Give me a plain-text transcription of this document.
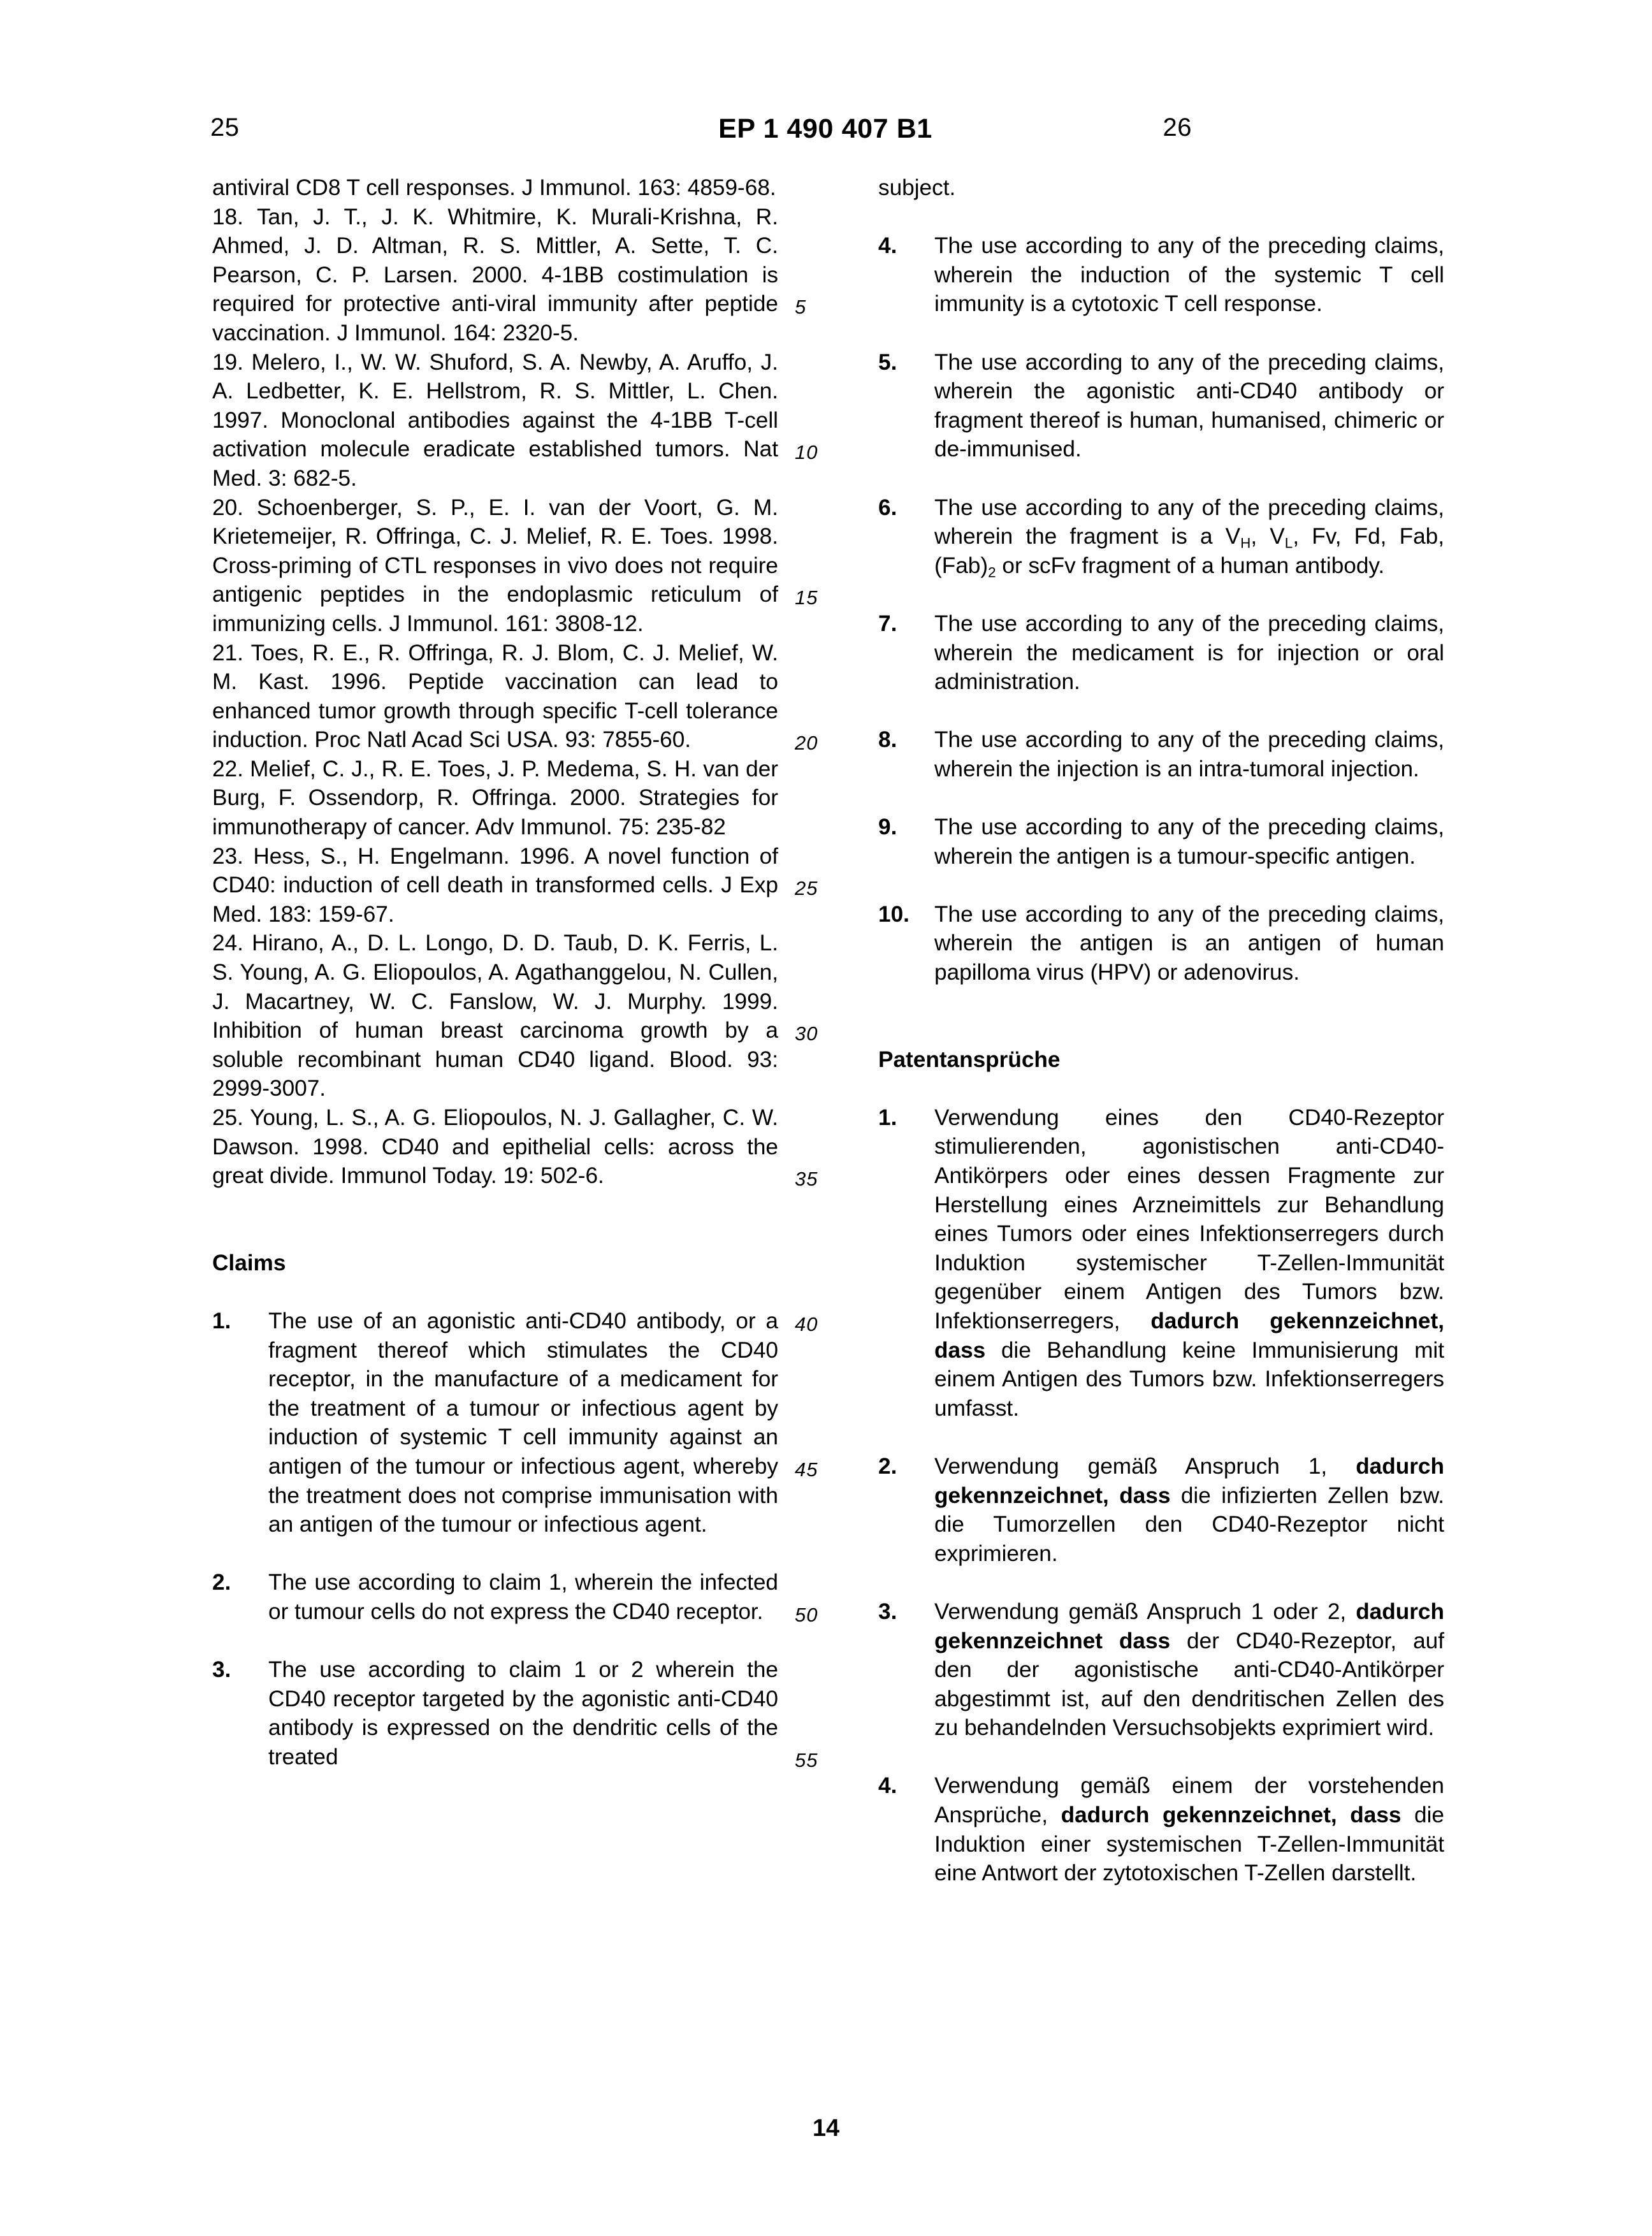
25	EP 1 490 407 B1	26
5
10
15
20
25
30
35
40
45
50
55

antiviral CD8 T cell responses. J Immunol. 163: 4859-68.

18. Tan, J. T., J. K. Whitmire, K. Murali-Krishna, R. Ahmed, J. D. Altman, R. S. Mittler, A. Sette, T. C. Pearson, C. P. Larsen. 2000. 4-1BB costimulation is required for protective anti-viral immunity after peptide vaccination. J Immunol. 164: 2320-5.

19. Melero, I., W. W. Shuford, S. A. Newby, A. Aruffo, J. A. Ledbetter, K. E. Hellstrom, R. S. Mittler, L. Chen. 1997. Monoclonal antibodies against the 4-1BB T-cell activation molecule eradicate established tumors. Nat Med. 3: 682-5.

20. Schoenberger, S. P., E. I. van der Voort, G. M. Krietemeijer, R. Offringa, C. J. Melief, R. E. Toes. 1998. Cross-priming of CTL responses in vivo does not require antigenic peptides in the endoplasmic reticulum of immunizing cells. J Immunol. 161: 3808-12.

21. Toes, R. E., R. Offringa, R. J. Blom, C. J. Melief, W. M. Kast. 1996. Peptide vaccination can lead to enhanced tumor growth through specific T-cell tolerance induction. Proc Natl Acad Sci USA. 93: 7855-60.

22. Melief, C. J., R. E. Toes, J. P. Medema, S. H. van der Burg, F. Ossendorp, R. Offringa. 2000. Strategies for immunotherapy of cancer. Adv Immunol. 75: 235-82

23. Hess, S., H. Engelmann. 1996. A novel function of CD40: induction of cell death in transformed cells. J Exp Med. 183: 159-67.

24. Hirano, A., D. L. Longo, D. D. Taub, D. K. Ferris, L. S. Young, A. G. Eliopoulos, A. Agathanggelou, N. Cullen, J. Macartney, W. C. Fanslow, W. J. Murphy. 1999. Inhibition of human breast carcinoma growth by a soluble recombinant human CD40 ligand. Blood. 93: 2999-3007.

25. Young, L. S., A. G. Eliopoulos, N. J. Gallagher, C. W. Dawson. 1998. CD40 and epithelial cells: across the great divide. Immunol Today. 19: 502-6.

Claims

1.	The use of an agonistic anti-CD40 antibody, or a fragment thereof which stimulates the CD40 receptor, in the manufacture of a medicament for the treatment of a tumour or infectious agent by induction of systemic T cell immunity against an antigen of the tumour or infectious agent, whereby the treatment does not comprise immunisation with an antigen of the tumour or infectious agent.
2.	The use according to claim 1, wherein the infected or tumour cells do not express the CD40 receptor.
3.	The use according to claim 1 or 2 wherein the CD40 receptor targeted by the agonistic anti-CD40 antibody is expressed on the dendritic cells of the treated

subject.

4.	The use according to any of the preceding claims, wherein the induction of the systemic T cell immunity is a cytotoxic T cell response.
5.	The use according to any of the preceding claims, wherein the agonistic anti-CD40 antibody or fragment thereof is human, humanised, chimeric or de-immunised.
6.	The use according to any of the preceding claims, wherein the fragment is a $V_H$, $V_L$, Fv, Fd, Fab, $(Fab)_2$ or scFv fragment of a human antibody.
7.	The use according to any of the preceding claims, wherein the medicament is for injection or oral administration.
8.	The use according to any of the preceding claims, wherein the injection is an intra-tumoral injection.
9.	The use according to any of the preceding claims, wherein the antigen is a tumour-specific antigen.
10.	The use according to any of the preceding claims, wherein the antigen is an antigen of human papilloma virus (HPV) or adenovirus.

Patentansprüche

1.	Verwendung eines den CD40-Rezeptor stimulierenden, agonistischen anti-CD40-Antikörpers oder eines dessen Fragmente zur Herstellung eines Arzneimittels zur Behandlung eines Tumors oder eines Infektionserregers durch Induktion systemischer T-Zellen-Immunität gegenüber einem Antigen des Tumors bzw. Infektionserregers, dadurch gekennzeichnet, dass die Behandlung keine Immunisierung mit einem Antigen des Tumors bzw. Infektionserregers umfasst.
2.	Verwendung gemäß Anspruch 1, dadurch gekennzeichnet, dass die infizierten Zellen bzw. die Tumorzellen den CD40-Rezeptor nicht exprimieren.
3.	Verwendung gemäß Anspruch 1 oder 2, dadurch gekennzeichnet dass der CD40-Rezeptor, auf den der agonistische anti-CD40-Antikörper abgestimmt ist, auf den dendritischen Zellen des zu behandelnden Versuchsobjekts exprimiert wird.
4.	Verwendung gemäß einem der vorstehenden Ansprüche, dadurch gekennzeichnet, dass die Induktion einer systemischen T-Zellen-Immunität eine Antwort der zytotoxischen T-Zellen darstellt.
14
